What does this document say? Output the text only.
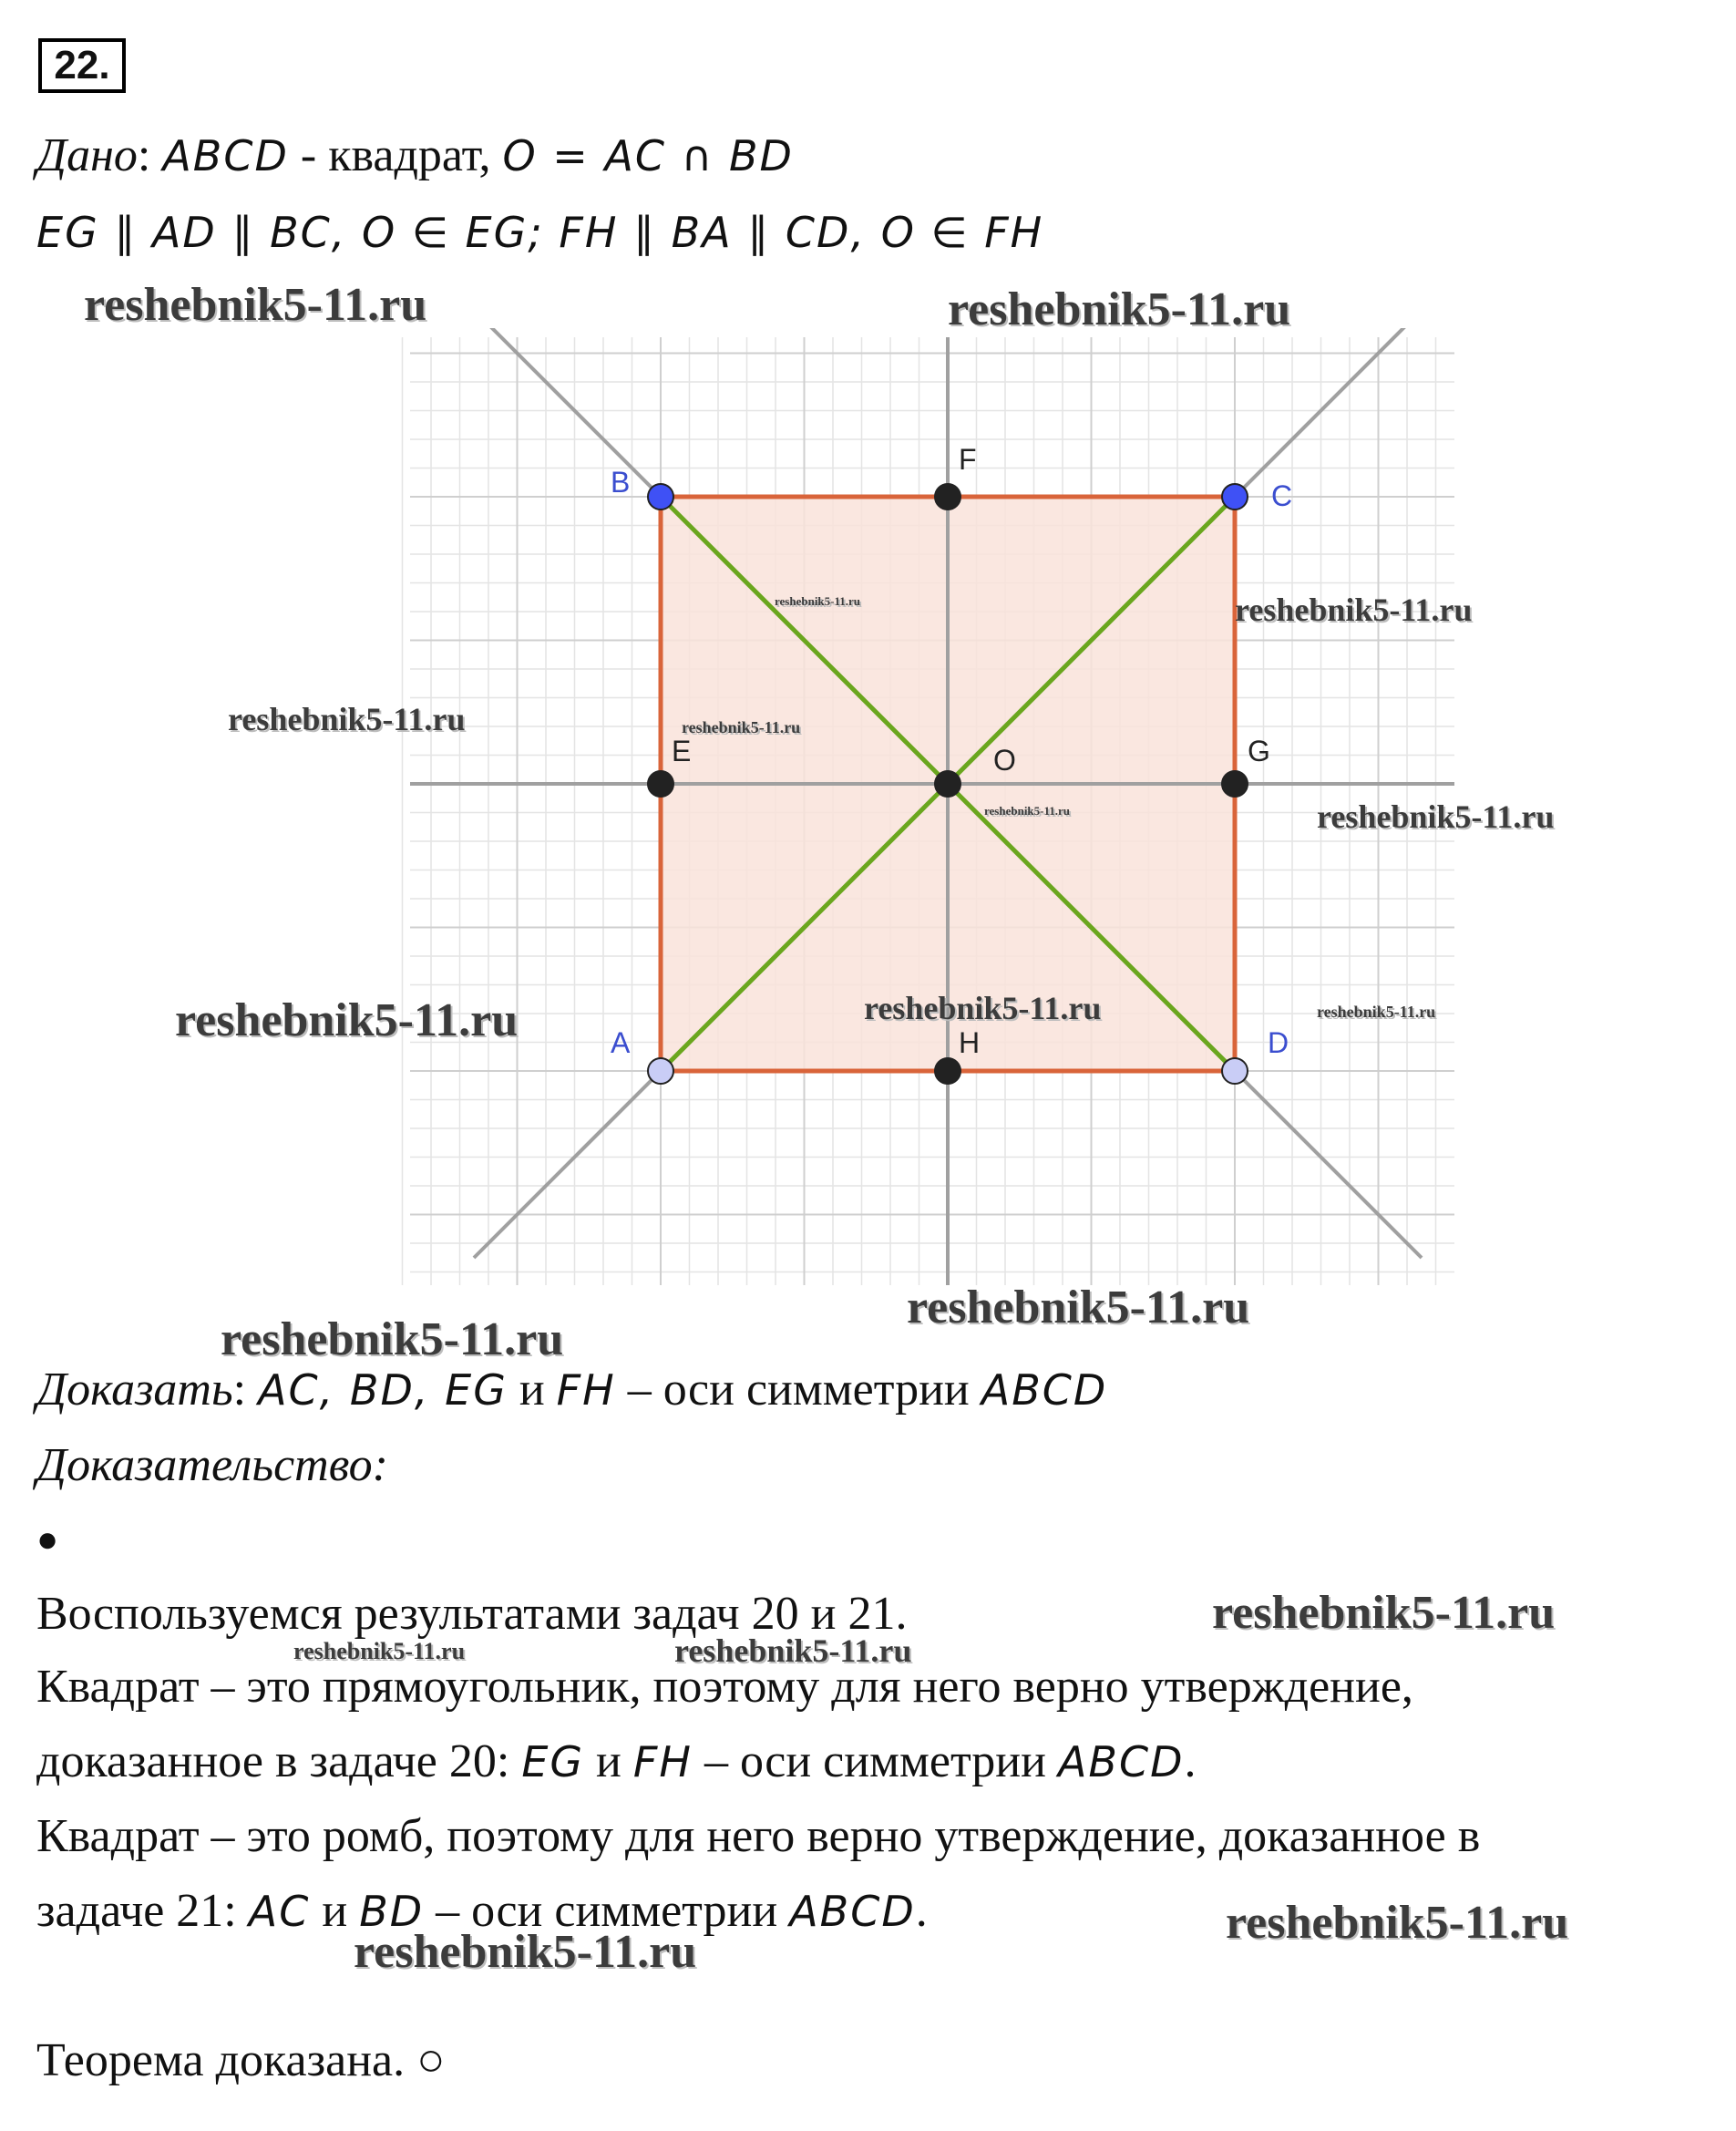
22.
Дано: ABCD - квадрат, O = AC ∩ BD
EG ∥ AD ∥ BC, O ∈ EG; FH ∥ BA ∥ CD, O ∈ FH
B
F
C
E	O	G
A	H	D
reshebnik5-11.ru	reshebnik5-11.ru
reshebnik5-11.ru
reshebnik5-11.ru	reshebnik5-11.ru
reshebnik5-11.ru
reshebnik5-11.ru	reshebnik5-11.ru
reshebnik5-11.ru	reshebnik5-11.ru	reshebnik5-11.ru
reshebnik5-11.ru
reshebnik5-11.ru
Доказать: AC, BD, EG и FH – оси симметрии ABCD
Доказательство:
●
Воспользуемся результатами задач 20 и 21.	reshebnik5-11.ru
reshebnik5-11.ru	reshebnik5-11.ru
Квадрат – это прямоугольник, поэтому для него верно утверждение,
доказанное в задаче 20: EG и FH – оси симметрии ABCD.
Квадрат – это ромб, поэтому для него верно утверждение, доказанное в
задаче 21: AC и BD – оси симметрии ABCD.	reshebnik5-11.ru
reshebnik5-11.ru
Теорема доказана. ○
